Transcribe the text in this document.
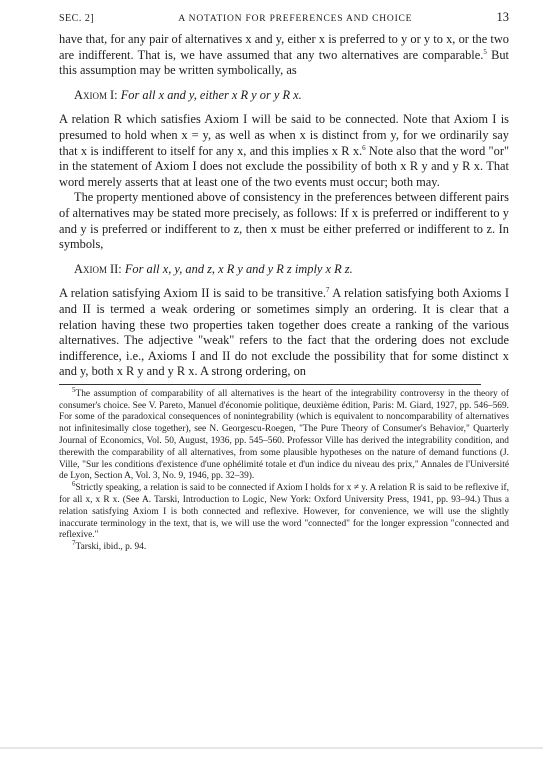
SEC. 2]	A NOTATION FOR PREFERENCES AND CHOICE	13

have that, for any pair of alternatives x and y, either x is preferred to y or y to x, or the two are indifferent. That is, we have assumed that any two alternatives are comparable.$^5$ But this assumption may be written symbolically, as

Axiom I: For all x and y, either x R y or y R x.

A relation R which satisfies Axiom I will be said to be connected. Note that Axiom I is presumed to hold when x = y, as well as when x is distinct from y, for we ordinarily say that x is indifferent to itself for any x, and this implies x R x.$^6$ Note also that the word "or" in the statement of Axiom I does not exclude the possibility of both x R y and y R x. That word merely asserts that at least one of the two events must occur; both may.

The property mentioned above of consistency in the preferences between different pairs of alternatives may be stated more precisely, as follows: If x is preferred or indifferent to y and y is preferred or indifferent to z, then x must be either preferred or indifferent to z. In symbols,

Axiom II: For all x, y, and z, x R y and y R z imply x R z.

A relation satisfying Axiom II is said to be transitive.$^7$ A relation satisfying both Axioms I and II is termed a weak ordering or sometimes simply an ordering. It is clear that a relation having these two properties taken together does create a ranking of the various alternatives. The adjective "weak" refers to the fact that the ordering does not exclude indifference, i.e., Axioms I and II do not exclude the possibility that for some distinct x and y, both x R y and y R x. A strong ordering, on

$^5$The assumption of comparability of all alternatives is the heart of the integrability controversy in the theory of consumer's choice. See V. Pareto, Manuel d'économie politique, deuxième édition, Paris: M. Giard, 1927, pp. 546–569. For some of the paradoxical consequences of nonintegrability (which is equivalent to noncomparability of alternatives not infinitesimally close together), see N. Georgescu-Roegen, "The Pure Theory of Consumer's Behavior," Quarterly Journal of Economics, Vol. 50, August, 1936, pp. 545–560. Professor Ville has derived the integrability condition, and therewith the comparability of all alternatives, from some plausible hypotheses on the nature of demand functions (J. Ville, "Sur les conditions d'existence d'une ophélimité totale et d'un indice du niveau des prix," Annales de l'Université de Lyon, Section A, Vol. 3, No. 9, 1946, pp. 32–39).

$^6$Strictly speaking, a relation is said to be connected if Axiom I holds for x ≠ y. A relation R is said to be reflexive if, for all x, x R x. (See A. Tarski, Introduction to Logic, New York: Oxford University Press, 1941, pp. 93–94.) Thus a relation satisfying Axiom I is both connected and reflexive. However, for convenience, we will use the slightly inaccurate terminology in the text, that is, we will use the word "connected" for the longer expression "connected and reflexive."

$^7$Tarski, ibid., p. 94.
